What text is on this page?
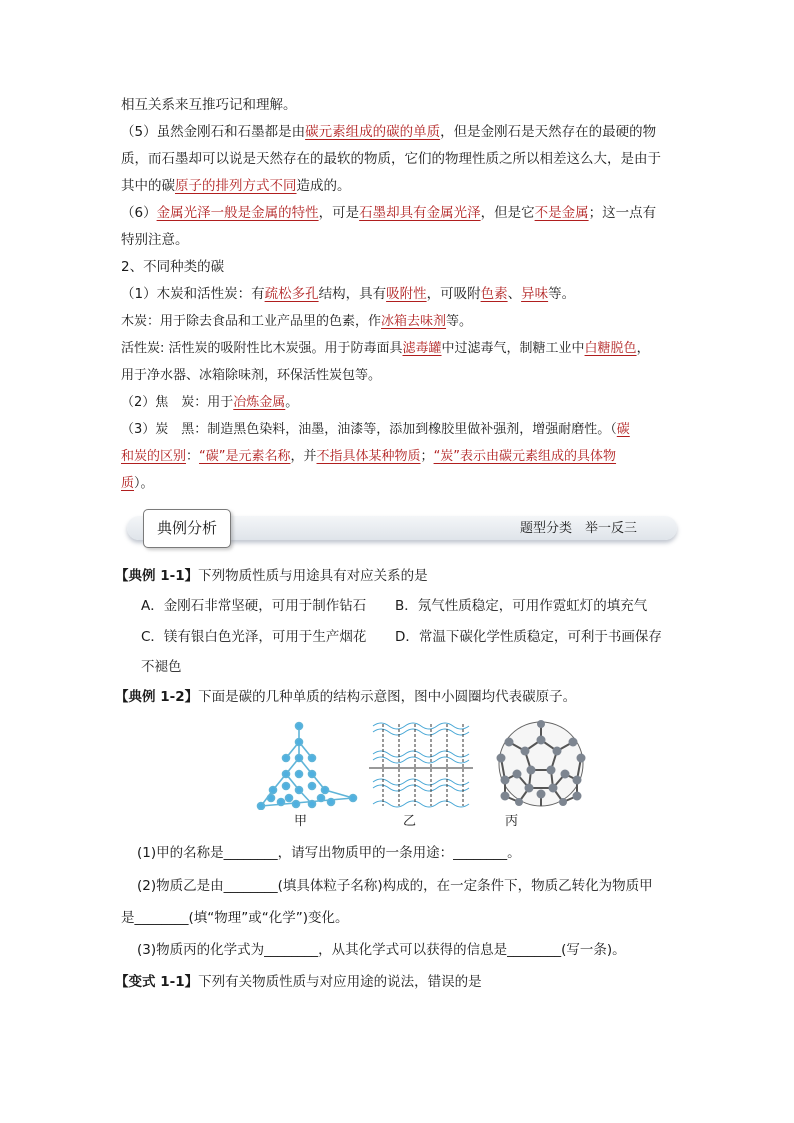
相互关系来互推巧记和理解。
（5）虽然金刚石和石墨都是由碳元素组成的碳的单质，但是金刚石是天然存在的最硬的物
质，而石墨却可以说是天然存在的最软的物质，它们的物理性质之所以相差这么大，是由于
其中的碳原子的排列方式不同造成的。
（6）金属光泽一般是金属的特性，可是石墨却具有金属光泽，但是它不是金属；这一点有
特别注意。
2、不同种类的碳
（1）木炭和活性炭：有疏松多孔结构，具有吸附性，可吸附色素、异味等。
木炭：用于除去食品和工业产品里的色素，作冰箱去味剂等。
活性炭: 活性炭的吸附性比木炭强。用于防毒面具滤毒罐中过滤毒气，制糖工业中白糖脱色，
用于净水器、冰箱除味剂，环保活性炭包等。
（2）焦　炭：用于冶炼金属。
（3）炭　黑：制造黑色染料，油墨，油漆等，添加到橡胶里做补强剂，增强耐磨性。（碳
和炭的区别：“碳”是元素名称，并不指具体某种物质；“炭”表示由碳元素组成的具体物
质）。
典例分析	题型分类　举一反三
【典例 1-1】下列物质性质与用途具有对应关系的是
A．金刚石非常坚硬，可用于制作钻石 B．氖气性质稳定，可用作霓虹灯的填充气
C．镁有银白色光泽，可用于生产烟花 D．常温下碳化学性质稳定，可利于书画保存
不褪色
【典例 1-2】下面是碳的几种单质的结构示意图，图中小圆圈均代表碳原子。
甲	乙	丙
(1)甲的名称是________，请写出物质甲的一条用途：________。
(2)物质乙是由________(填具体粒子名称)构成的，在一定条件下，物质乙转化为物质甲
是________(填“物理”或“化学”)变化。
(3)物质丙的化学式为________，从其化学式可以获得的信息是________(写一条)。
【变式 1-1】下列有关物质性质与对应用途的说法，错误的是
